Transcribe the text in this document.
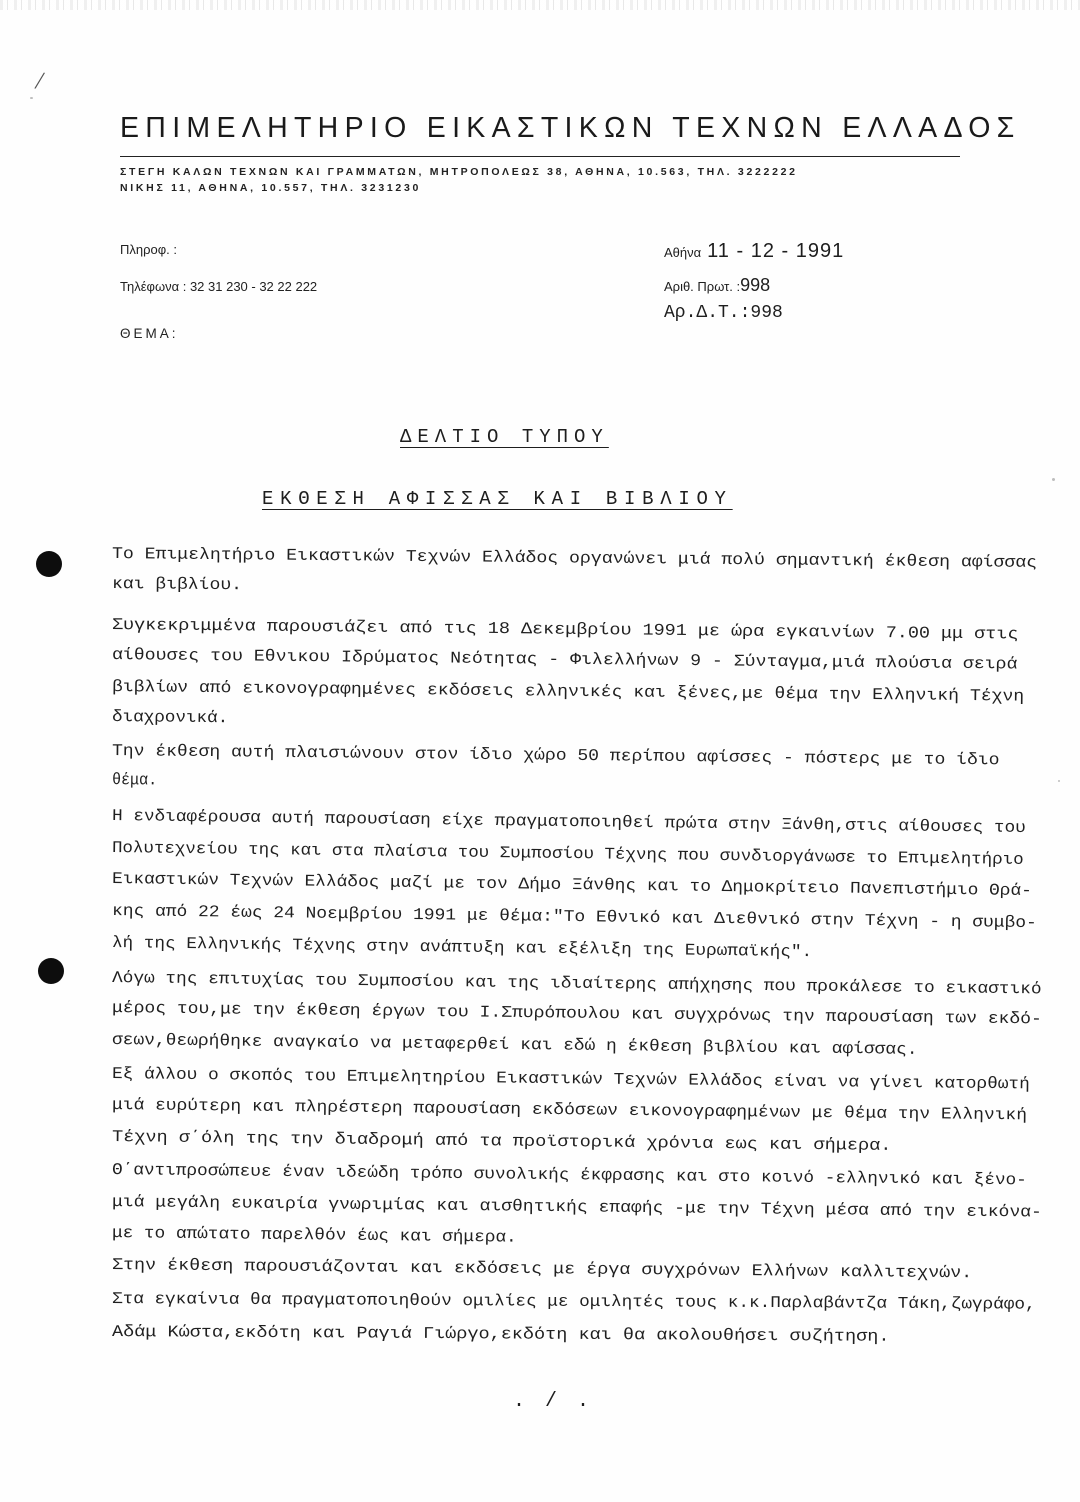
/
ΕΠΙΜΕΛΗΤΗΡΙΟ ΕΙΚΑΣΤΙΚΩΝ ΤΕΧΝΩΝ ΕΛΛΑΔΟΣ
ΣΤΕΓΗ ΚΑΛΩΝ ΤΕΧΝΩΝ ΚΑΙ ΓΡΑΜΜΑΤΩΝ, ΜΗΤΡΟΠΟΛΕΩΣ 38, ΑΘΗΝΑ, 10.563, ΤΗΛ. 3222222
ΝΙΚΗΣ 11, ΑΘΗΝΑ, 10.557, ΤΗΛ. 3231230
Πληροφ. :
Τηλέφωνα : 32 31 230 - 32 22 222
ΘΕΜΑ:
Αθήνα 11 - 12 - 1991
Αριθ. Πρωτ. :998
Αρ.Δ.Τ.:998
ΔΕΛΤΙΟ ΤΥΠΟΥ
ΕΚΘΕΣΗ ΑΦΙΣΣΑΣ ΚΑΙ ΒΙΒΛΙΟΥ
Το Επιμελητήριο Εικαστικών Τεχνών Ελλάδος οργανώνει μιά πολύ σημαντική έκθεση αφίσσας
και βιβλίου.
Συγκεκριμμένα παρουσιάζει από τις 18 Δεκεμβρίου 1991 με ώρα εγκαινίων 7.00 μμ στις
αίθουσες του Εθνικου Ιδρύματος Νεότητας - Φιλελλήνων 9 - Σύνταγμα,μιά πλούσια σειρά
βιβλίων από εικονογραφημένες εκδόσεις ελληνικές και ξένες,με θέμα την Ελληνική Τέχνη
διαχρονικά.
Την έκθεση αυτή πλαισιώνουν στον ίδιο χώρο 50 περίπου αφίσσες - πόστερς με το ίδιο
θέμα.
Η ενδιαφέρουσα αυτή παρουσίαση είχε πραγματοποιηθεί πρώτα στην Ξάνθη,στις αίθουσες του
Πολυτεχνείου της και στα πλαίσια του Συμποσίου Τέχνης που συνδιοργάνωσε το Επιμελητήριο
Εικαστικών Τεχνών Ελλάδος μαζί με τον Δήμο Ξάνθης και το Δημοκρίτειο Πανεπιστήμιο Θρά-
κης από 22 έως 24 Νοεμβρίου 1991 με θέμα:"Το Εθνικό και Διεθνικό στην Τέχνη - η συμβο-
λή της Ελληνικής Τέχνης στην ανάπτυξη και εξέλιξη της Ευρωπαϊκής".
Λόγω της επιτυχίας του Συμποσίου και της ιδιαίτερης απήχησης που προκάλεσε το εικαστικό
μέρος του,με την έκθεση έργων του Ι.Σπυρόπουλου και συγχρόνως την παρουσίαση των εκδό-
σεων,θεωρήθηκε αναγκαίο να μεταφερθεί και εδώ η έκθεση βιβλίου και αφίσσας.
Εξ άλλου ο σκοπός του Επιμελητηρίου Εικαστικών Τεχνών Ελλάδος είναι να γίνει κατορθωτή
μιά ευρύτερη και πληρέστερη παρουσίαση εκδόσεων εικονογραφημένων με θέμα την Ελληνική
Τέχνη σ΄όλη της την διαδρομή από τα προϊστορικά χρόνια εως και σήμερα.
Θ΄αντιπροσώπευε έναν ιδεώδη τρόπο συνολικής έκφρασης και στο κοινό -ελληνικό και ξένο-
μιά μεγάλη ευκαιρία γνωριμίας και αισθητικής επαφής -με την Τέχνη μέσα από την εικόνα-
με το απώτατο παρελθόν έως και σήμερα.
Στην έκθεση παρουσιάζονται και εκδόσεις με έργα συγχρόνων Ελλήνων καλλιτεχνών.
Στα εγκαίνια θα πραγματοποιηθούν ομιλίες με ομιλητές τους κ.κ.Παρλαβάντζα Τάκη,ζωγράφο,
Αδάμ Κώστα,εκδότη και Ραγιά Γιώργο,εκδότη και θα ακολουθήσει συζήτηση.
. / .
